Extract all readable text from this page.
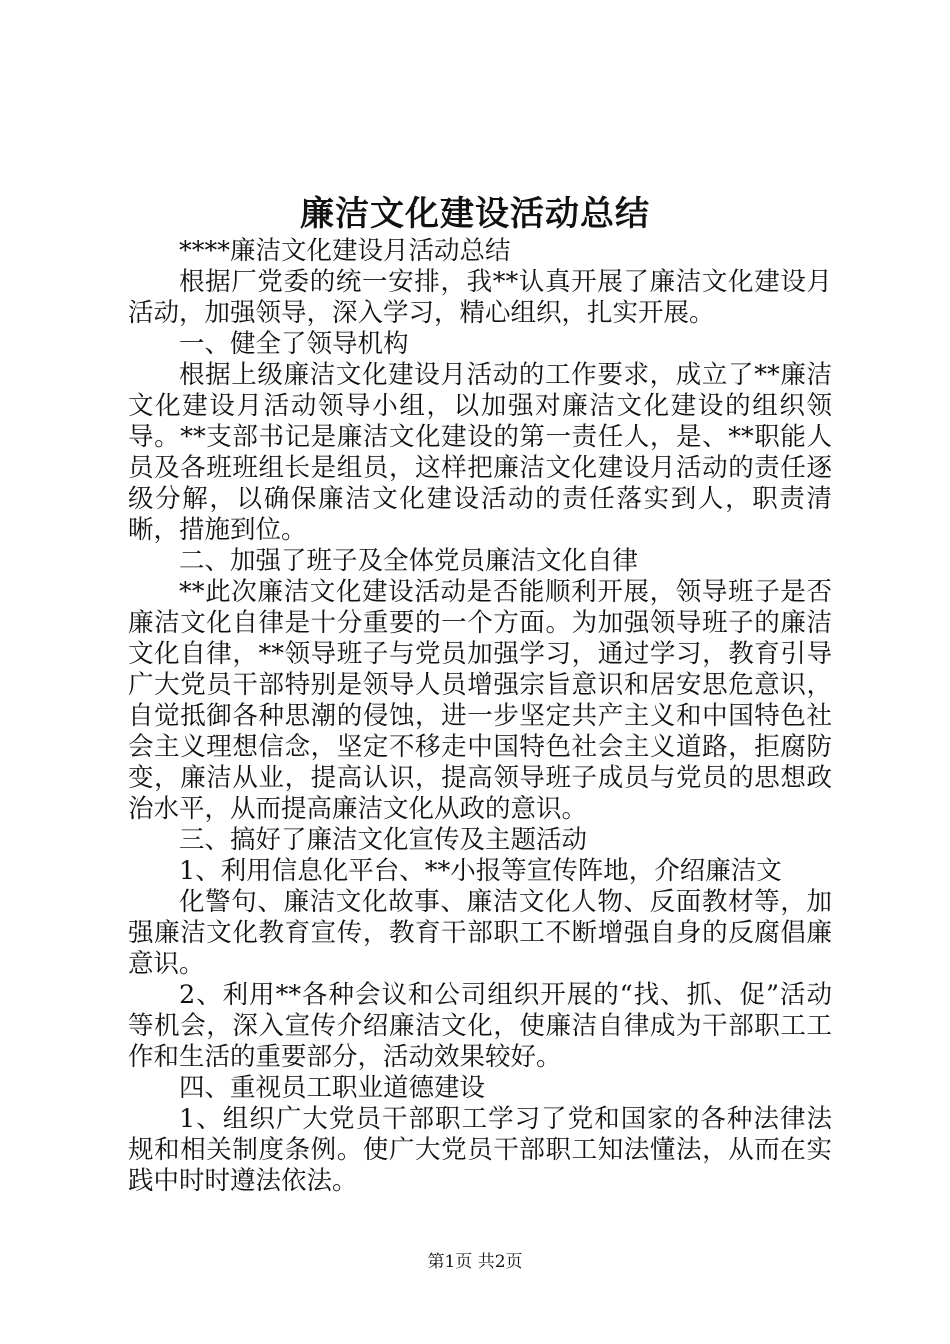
廉洁文化建设活动总结

****廉洁文化建设月活动总结

根据厂党委的统一安排，我**认真开展了廉洁文化建设月活动，加强领导，深入学习，精心组织，扎实开展。

一、健全了领导机构

根据上级廉洁文化建设月活动的工作要求，成立了**廉洁文化建设月活动领导小组，以加强对廉洁文化建设的组织领导。**支部书记是廉洁文化建设的第一责任人，是、**职能人员及各班班组长是组员，这样把廉洁文化建设月活动的责任逐级分解，以确保廉洁文化建设活动的责任落实到人，职责清晰，措施到位。

二、加强了班子及全体党员廉洁文化自律

**此次廉洁文化建设活动是否能顺利开展，领导班子是否廉洁文化自律是十分重要的一个方面。为加强领导班子的廉洁文化自律，**领导班子与党员加强学习，通过学习，教育引导广大党员干部特别是领导人员增强宗旨意识和居安思危意识，自觉抵御各种思潮的侵蚀，进一步坚定共产主义和中国特色社会主义理想信念，坚定不移走中国特色社会主义道路，拒腐防变，廉洁从业，提高认识，提高领导班子成员与党员的思想政治水平，从而提高廉洁文化从政的意识。

三、搞好了廉洁文化宣传及主题活动

1、利用信息化平台、**小报等宣传阵地，介绍廉洁文

化警句、廉洁文化故事、廉洁文化人物、反面教材等，加强廉洁文化教育宣传，教育干部职工不断增强自身的反腐倡廉意识。

2、利用**各种会议和公司组织开展的“找、抓、促”活动等机会，深入宣传介绍廉洁文化，使廉洁自律成为干部职工工作和生活的重要部分，活动效果较好。

四、重视员工职业道德建设

1、组织广大党员干部职工学习了党和国家的各种法律法规和相关制度条例。使广大党员干部职工知法懂法，从而在实践中时时遵法依法。

第1页 共2页
